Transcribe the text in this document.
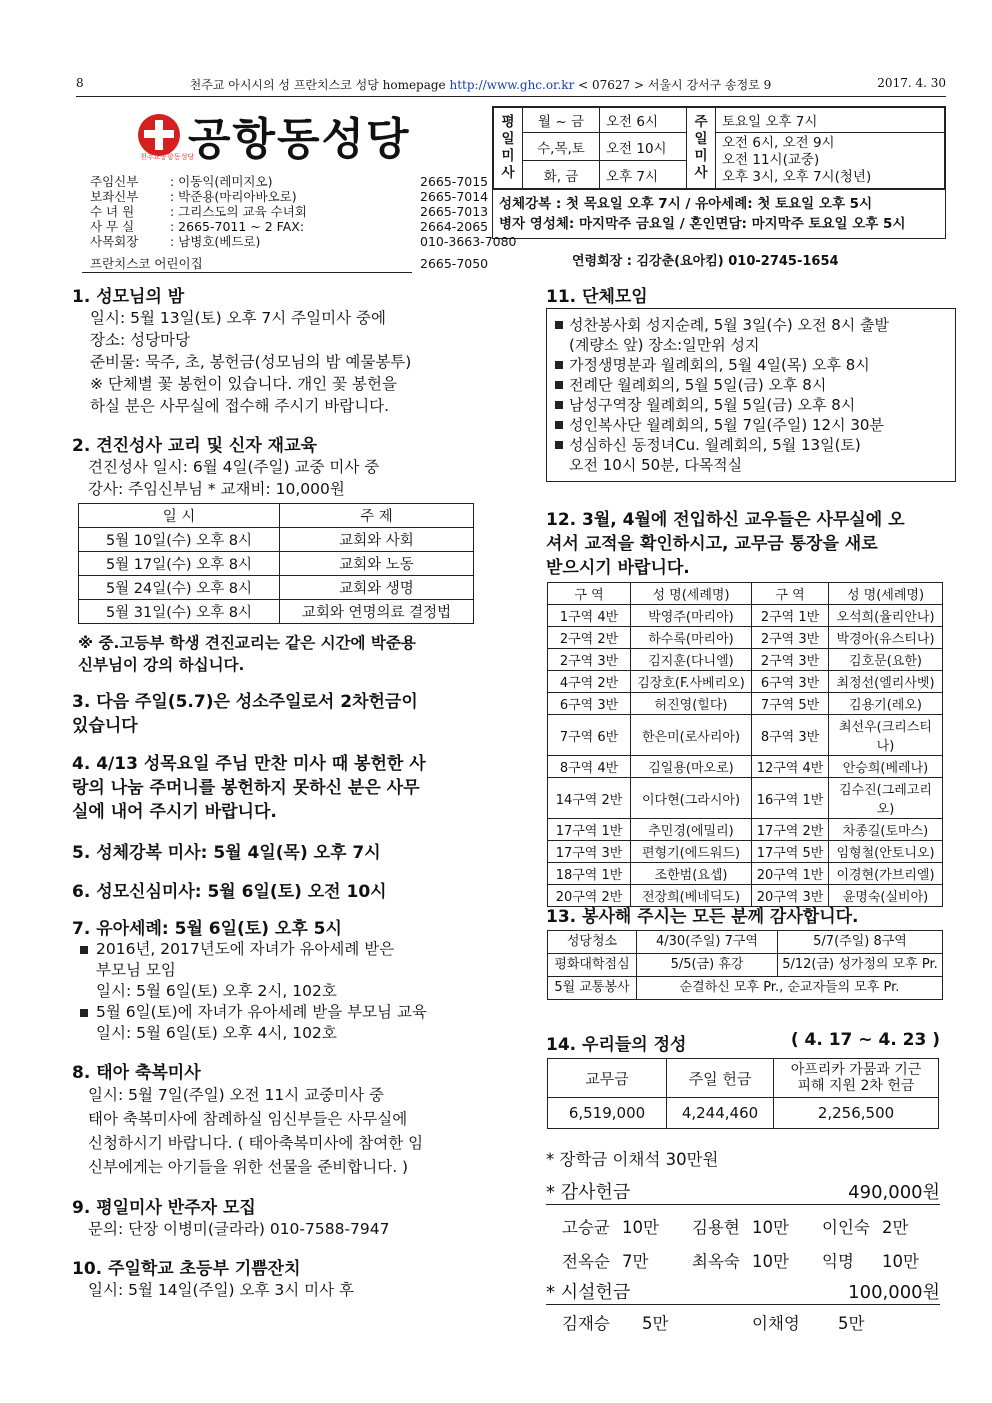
8	천주교 아시시의 성 프란치스코 성당 homepage http://www.ghc.or.kr < 07627 > 서울시 강서구 송정로 9	2017. 4. 30
공항동성당
천주교공항동성당
주임신부	: 이동익(레미지오)	2665-7015
보좌신부	: 박준용(마리아바오로)	2665-7014
수 녀 원	: 그리스도의 교육 수녀회	2665-7013
사 무 실	: 2665-7011 ~ 2 FAX:	2664-2065
사목회장	: 남병호(베드로)	010-3663-7080
프란치스코 어린이집	2665-7050
평일미사	월 ~ 금	오전 6시	주일미사	토요일 오후 7시
	수,목,토	오전 10시		오전 6시, 오전 9시
오전 11시(교중)
오후 3시, 오후 7시(청년)

	화, 금	오후 7시		
성체강복 : 첫 목요일 오후 7시 / 유아세례: 첫 토요일 오후 5시
병자 영성체: 마지막주 금요일 / 혼인면담: 마지막주 토요일 오후 5시
연령회장 : 김강춘(요아킴) 010-2745-1654
1. 성모님의 밤
일시: 5월 13일(토) 오후 7시 주일미사 중에
장소: 성당마당
준비물: 묵주, 초, 봉헌금(성모님의 밤 예물봉투)
※ 단체별 꽃 봉헌이 있습니다. 개인 꽃 봉헌을
하실 분은 사무실에 접수해 주시기 바랍니다.
2. 견진성사 교리 및 신자 재교육
견진성사 일시: 6월 4일(주일) 교중 미사 중
강사: 주임신부님 * 교재비: 10,000원
일 시	주 제
5월 10일(수) 오후 8시	교회와 사회
5월 17일(수) 오후 8시	교회와 노동
5월 24일(수) 오후 8시	교회와 생명
5월 31일(수) 오후 8시	교회와 연명의료 결정법
※ 중.고등부 학생 견진교리는 같은 시간에 박준용
신부님이 강의 하십니다.
3. 다음 주일(5.7)은 성소주일로서 2차헌금이
있습니다
4. 4/13 성목요일 주님 만찬 미사 때 봉헌한 사
랑의 나눔 주머니를 봉헌하지 못하신 분은 사무
실에 내어 주시기 바랍니다.
5. 성체강복 미사: 5월 4일(목) 오후 7시
6. 성모신심미사: 5월 6일(토) 오전 10시
7. 유아세례: 5월 6일(토) 오후 5시
2016년, 2017년도에 자녀가 유아세례 받은
부모님 모임
일시: 5월 6일(토) 오후 2시, 102호
5월 6일(토)에 자녀가 유아세례 받을 부모님 교육
일시: 5월 6일(토) 오후 4시, 102호
8. 태아 축복미사
일시: 5월 7일(주일) 오전 11시 교중미사 중
태아 축복미사에 참례하실 임신부들은 사무실에
신청하시기 바랍니다. ( 태아축복미사에 참여한 임
신부에게는 아기들을 위한 선물을 준비합니다. )
9. 평일미사 반주자 모집
문의: 단장 이병미(글라라) 010-7588-7947
10. 주일학교 초등부 기쁨잔치
일시: 5월 14일(주일) 오후 3시 미사 후
11. 단체모임
성찬봉사회 성지순례, 5월 3일(수) 오전 8시 출발
(계량소 앞) 장소:일만위 성지
가정생명분과 월례회의, 5월 4일(목) 오후 8시
전례단 월례회의, 5월 5일(금) 오후 8시
남성구역장 월례회의, 5월 5일(금) 오후 8시
성인복사단 월례회의, 5월 7일(주일) 12시 30분
성심하신 동정녀Cu. 월례회의, 5월 13일(토)
오전 10시 50분, 다목적실
12. 3월, 4월에 전입하신 교우들은 사무실에 오
셔서 교적을 확인하시고, 교무금 통장을 새로
받으시기 바랍니다.
구 역	성 명(세례명)	구 역	성 명(세례명)
1구역 4반	박영주(마리아)	2구역 1반	오석희(율리안나)
2구역 2반	하수록(마리아)	2구역 3반	박경아(유스티나)
2구역 3반	김지훈(다니엘)	2구역 3반	김호문(요한)
4구역 2반	김장호(F.사베리오)	6구역 3반	최정선(엘리사벳)
6구역 3반	허진영(힐다)	7구역 5반	김용기(레오)
7구역 6반	한은미(로사리아)	8구역 3반	최선우(크리스티나)
8구역 4반	김일용(마오로)	12구역 4반	안승희(베레나)
14구역 2반	이다현(그라시아)	16구역 1반	김수진(그레고리오)
17구역 1반	추민경(에밀리)	17구역 2반	차종길(토마스)
17구역 3반	편형기(에드워드)	17구역 5반	임형철(안토니오)
18구역 1반	조한범(요셉)	20구역 1반	이경현(가브리엘)
20구역 2반	전장희(베네딕도)	20구역 3반	윤명숙(실비아)
13. 봉사해 주시는 모든 분께 감사합니다.
성당청소	4/30(주일) 7구역	5/7(주일) 8구역
평화대학점심	5/5(금) 휴강	5/12(금) 성가정의 모후 Pr.
5월 교통봉사	순결하신 모후 Pr., 순교자들의 모후 Pr.	
14. 우리들의 정성	( 4. 17 ~ 4. 23 )
교무금	주일 헌금	아프리카 가뭄과 기근
피해 지원 2차 헌금

6,519,000	4,244,460	2,256,500
* 장학금 이채석 30만원
* 감사헌금	490,000원
고승균 10만	김용현 10만	이인숙 2만
전옥순 7만	최옥숙 10만	익명	10만
* 시설헌금	100,000원
김재승	5만	이채영	5만
